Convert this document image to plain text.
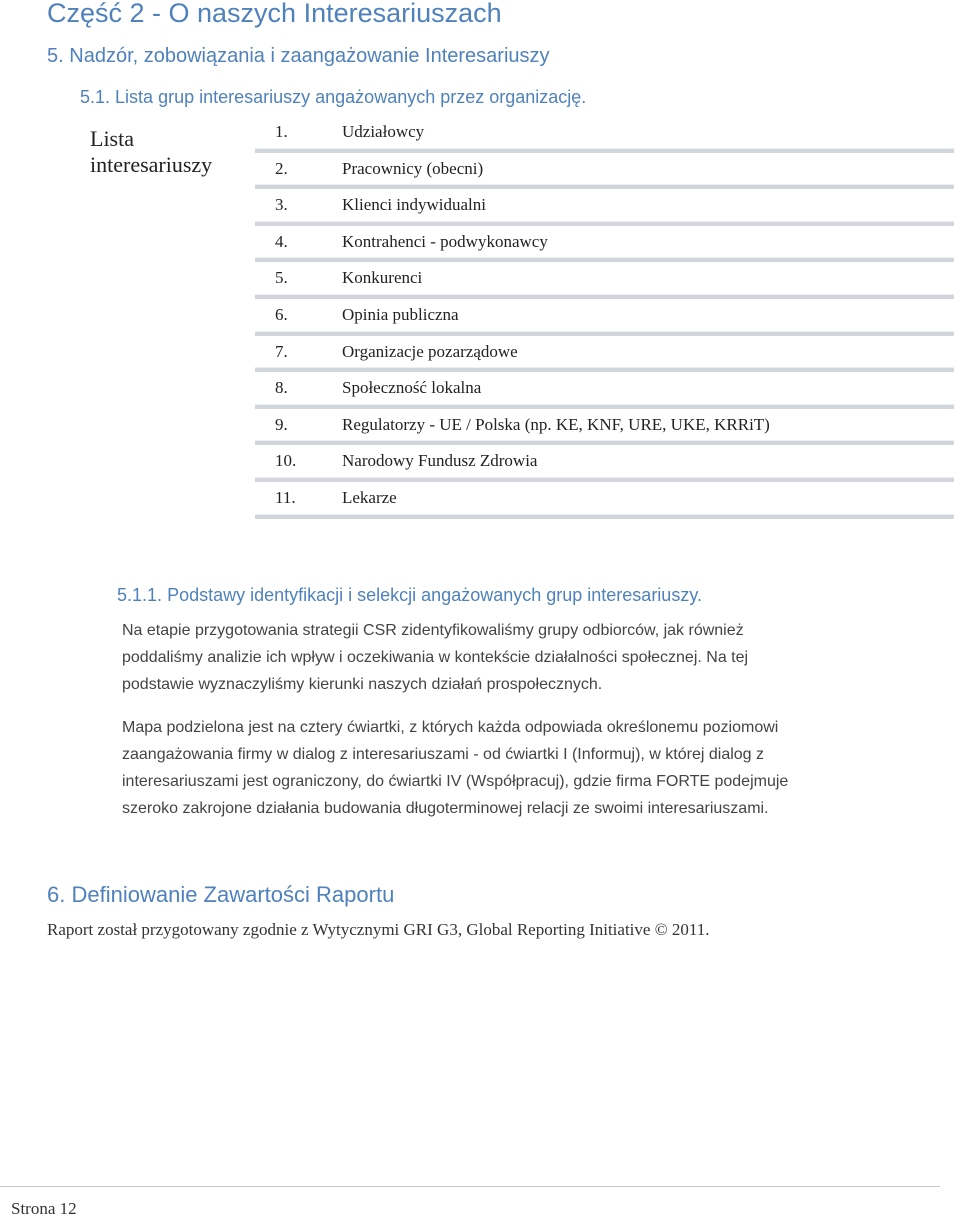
Część 2 - O naszych Interesariuszach
5. Nadzór, zobowiązania i zaangażowanie Interesariuszy
5.1. Lista grup interesariuszy angażowanych przez organizację.
Lista
interesariuszy
1.	Udziałowcy
2.	Pracownicy (obecni)
3.	Klienci indywidualni
4.	Kontrahenci - podwykonawcy
5.	Konkurenci
6.	Opinia publiczna
7.	Organizacje pozarządowe
8.	Społeczność lokalna
9.	Regulatorzy - UE / Polska (np. KE, KNF, URE, UKE, KRRiT)
10.	Narodowy Fundusz Zdrowia
11.	Lekarze
5.1.1. Podstawy identyfikacji i selekcji angażowanych grup interesariuszy.
Na etapie przygotowania strategii CSR zidentyfikowaliśmy grupy odbiorców, jak również
poddaliśmy analizie ich wpływ i oczekiwania w kontekście działalności społecznej. Na tej
podstawie wyznaczyliśmy kierunki naszych działań prospołecznych.
Mapa podzielona jest na cztery ćwiartki, z których każda odpowiada określonemu poziomowi
zaangażowania firmy w dialog z interesariuszami - od ćwiartki I (Informuj), w której dialog z
interesariuszami jest ograniczony, do ćwiartki IV (Współpracuj), gdzie firma FORTE podejmuje
szeroko zakrojone działania budowania długoterminowej relacji ze swoimi interesariuszami.
6. Definiowanie Zawartości Raportu
Raport został przygotowany zgodnie z Wytycznymi GRI G3, Global Reporting Initiative © 2011.
Strona 12
